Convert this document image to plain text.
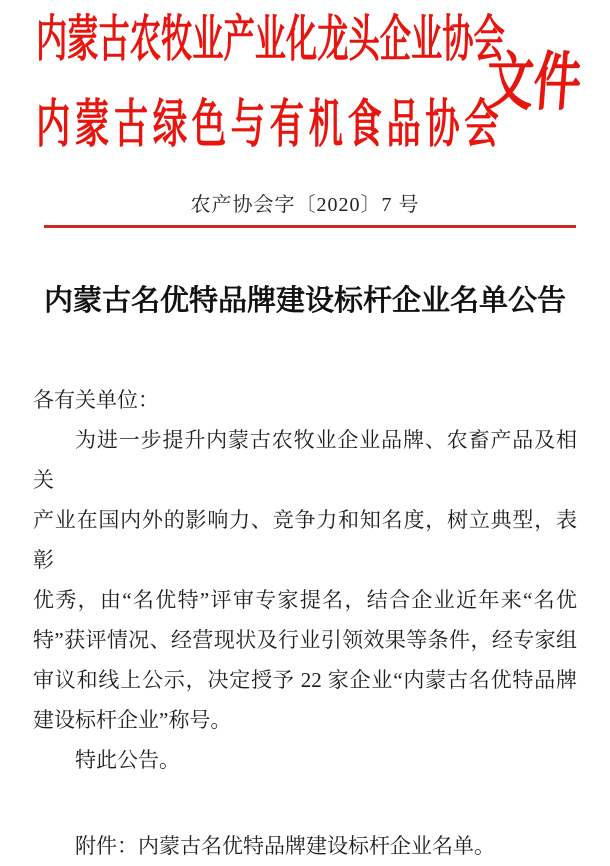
内蒙古农牧业产业化龙头企业协会
文件
内蒙古绿色与有机食品协会
农产协会字〔2020〕7 号
内蒙古名优特品牌建设标杆企业名单公告
各有关单位：
为进一步提升内蒙古农牧业企业品牌、农畜产品及相关
产业在国内外的影响力、竞争力和知名度，树立典型，表彰
优秀，由“名优特”评审专家提名，结合企业近年来“名优
特”获评情况、经营现状及行业引领效果等条件，经专家组
审议和线上公示，决定授予 22 家企业“内蒙古名优特品牌
建设标杆企业”称号。
特此公告。
附件：内蒙古名优特品牌建设标杆企业名单。
